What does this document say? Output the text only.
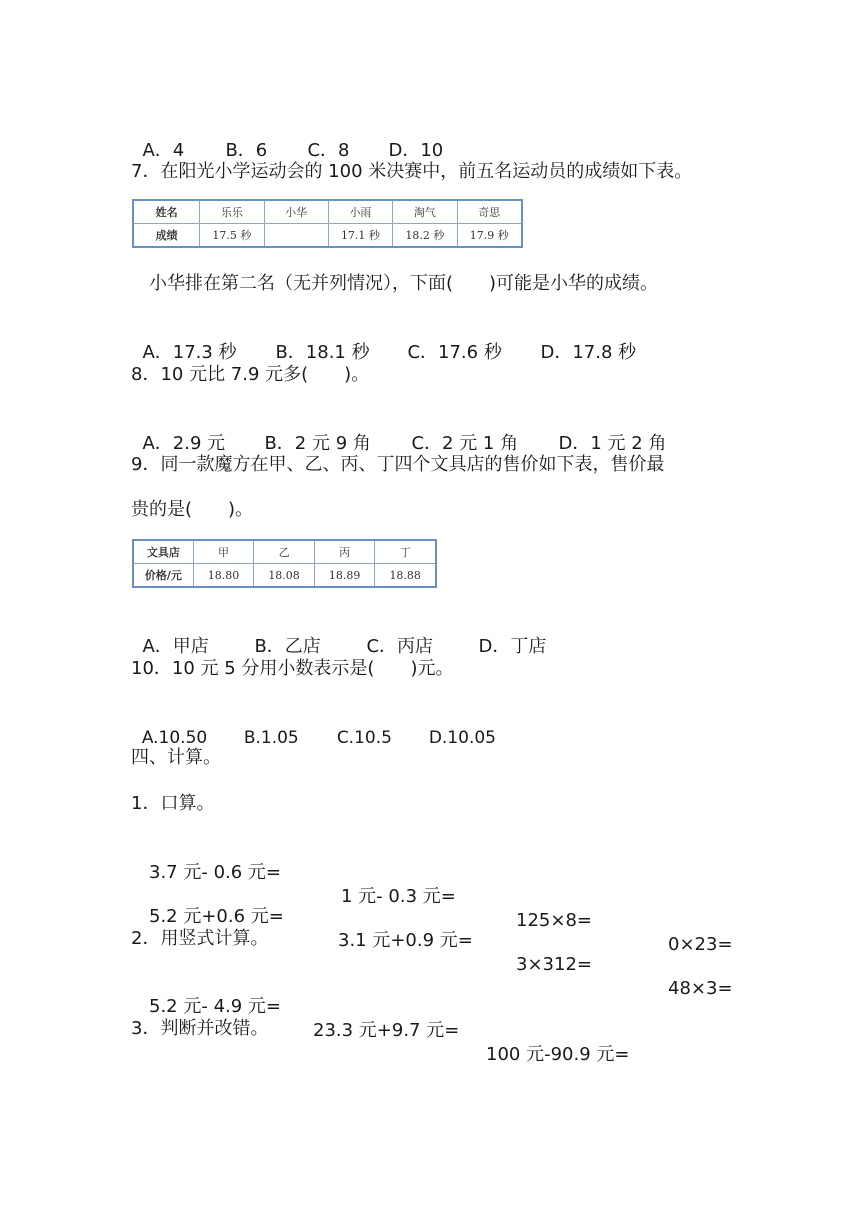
A．4 B．6 C．8 D．10

7．在阳光小学运动会的 100 米决赛中，前五名运动员的成绩如下表。
姓名	乐乐	小华	小雨	淘气	奇思
成绩	17.5 秒		17.1 秒	18.2 秒	17.9 秒
　小华排在第二名（无并列情况），下面(　　)可能是小华的成绩。

A．17.3 秒 B．18.1 秒 C．17.6 秒 D．17.8 秒

8．10 元比 7.9 元多(　　)。

A．2.9 元 B．2 元 9 角 C．2 元 1 角 D．1 元 2 角

9．同一款魔方在甲、乙、丙、丁四个文具店的售价如下表，售价最
贵的是(　　)。
文具店	甲	乙	丙	丁
价格/元	18.80	18.08	18.89	18.88

A．甲店	B．乙店	C．丙店	D．丁店

10．10 元 5 分用小数表示是(　　)元。

A.10.50 B.1.05 C.10.5 D.10.05

四、计算。
1．口算。

3.7 元- 0.6 元=

1 元- 0.3 元=

125×8=

0×23=

5.2 元+0.6 元=

3.1 元+0.9 元=

3×312=

48×3=

2．用竖式计算。

5.2 元- 4.9 元=

23.3 元+9.7 元=

100 元-90.9 元=

3．判断并改错。
